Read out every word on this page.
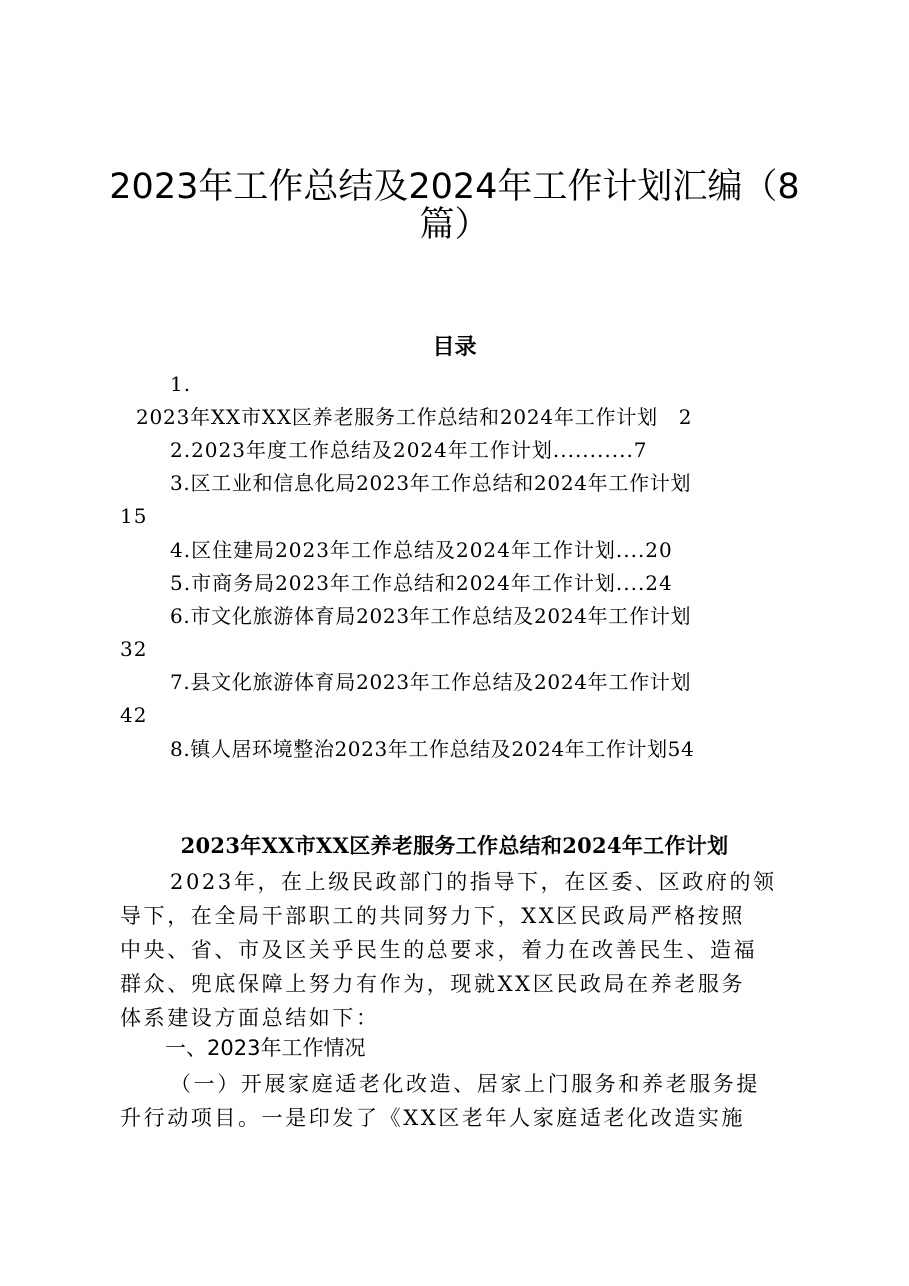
2023年工作总结及2024年工作计划汇编（8
篇）
目录
1.
2023年XX市XX区养老服务工作总结和2024年工作计划　2
2.2023年度工作总结及2024年工作计划...........7
3.区工业和信息化局2023年工作总结和2024年工作计划
15
4.区住建局2023年工作总结及2024年工作计划....20
5.市商务局2023年工作总结和2024年工作计划....24
6.市文化旅游体育局2023年工作总结及2024年工作计划
32
7.县文化旅游体育局2023年工作总结及2024年工作计划
42
8.镇人居环境整治2023年工作总结及2024年工作计划54
2023年XX市XX区养老服务工作总结和2024年工作计划
2023年，在上级民政部门的指导下，在区委、区政府的领
导下，在全局干部职工的共同努力下，XX区民政局严格按照
中央、省、市及区关乎民生的总要求，着力在改善民生、造福
群众、兜底保障上努力有作为，现就XX区民政局在养老服务
体系建设方面总结如下：
一、2023年工作情况
（一）开展家庭适老化改造、居家上门服务和养老服务提
升行动项目。一是印发了《XX区老年人家庭适老化改造实施
